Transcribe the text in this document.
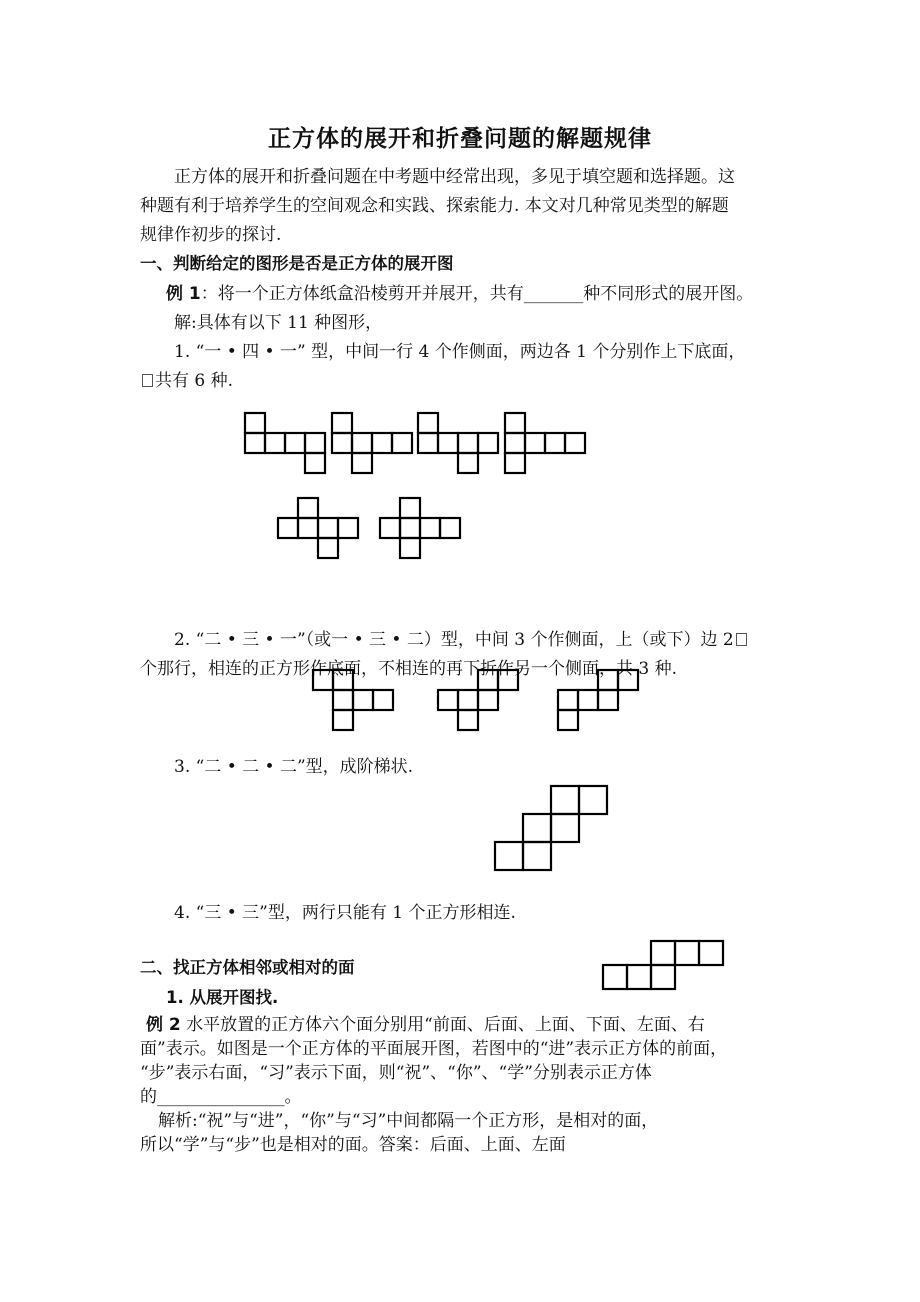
正方体的展开和折叠问题的解题规律
正方体的展开和折叠问题在中考题中经常出现，多见于填空题和选择题。这
种题有利于培养学生的空间观念和实践、探索能力. 本文对几种常见类型的解题
规律作初步的探讨.
一、判断给定的图形是否是正方体的展开图
例 1：将一个正方体纸盒沿棱剪开并展开，共有_______种不同形式的展开图。
解:具体有以下 11 种图形，
1. “一 • 四 • 一” 型，中间一行 4 个作侧面，两边各 1 个分别作上下底面，
共有 6 种.
2. “二 • 三 • 一”（或一 • 三 • 二）型，中间 3 个作侧面，上（或下）边 2
个那行，相连的正方形作底面，不相连的再下折作另一个侧面，共 3 种.
3. “二 • 二 • 二”型，成阶梯状.
4. “三 • 三”型，两行只能有 1 个正方形相连.
二、找正方体相邻或相对的面
1. 从展开图找.
例 2 水平放置的正方体六个面分别用“前面、后面、上面、下面、左面、右
面”表示。如图是一个正方体的平面展开图，若图中的“进”表示正方体的前面，
“步”表示右面，“习”表示下面，则“祝”、“你”、“学”分别表示正方体
的_______________。
解析:“祝”与“进”，“你”与“习”中间都隔一个正方形，是相对的面，
所以“学”与“步”也是相对的面。答案：后面、上面、左面
